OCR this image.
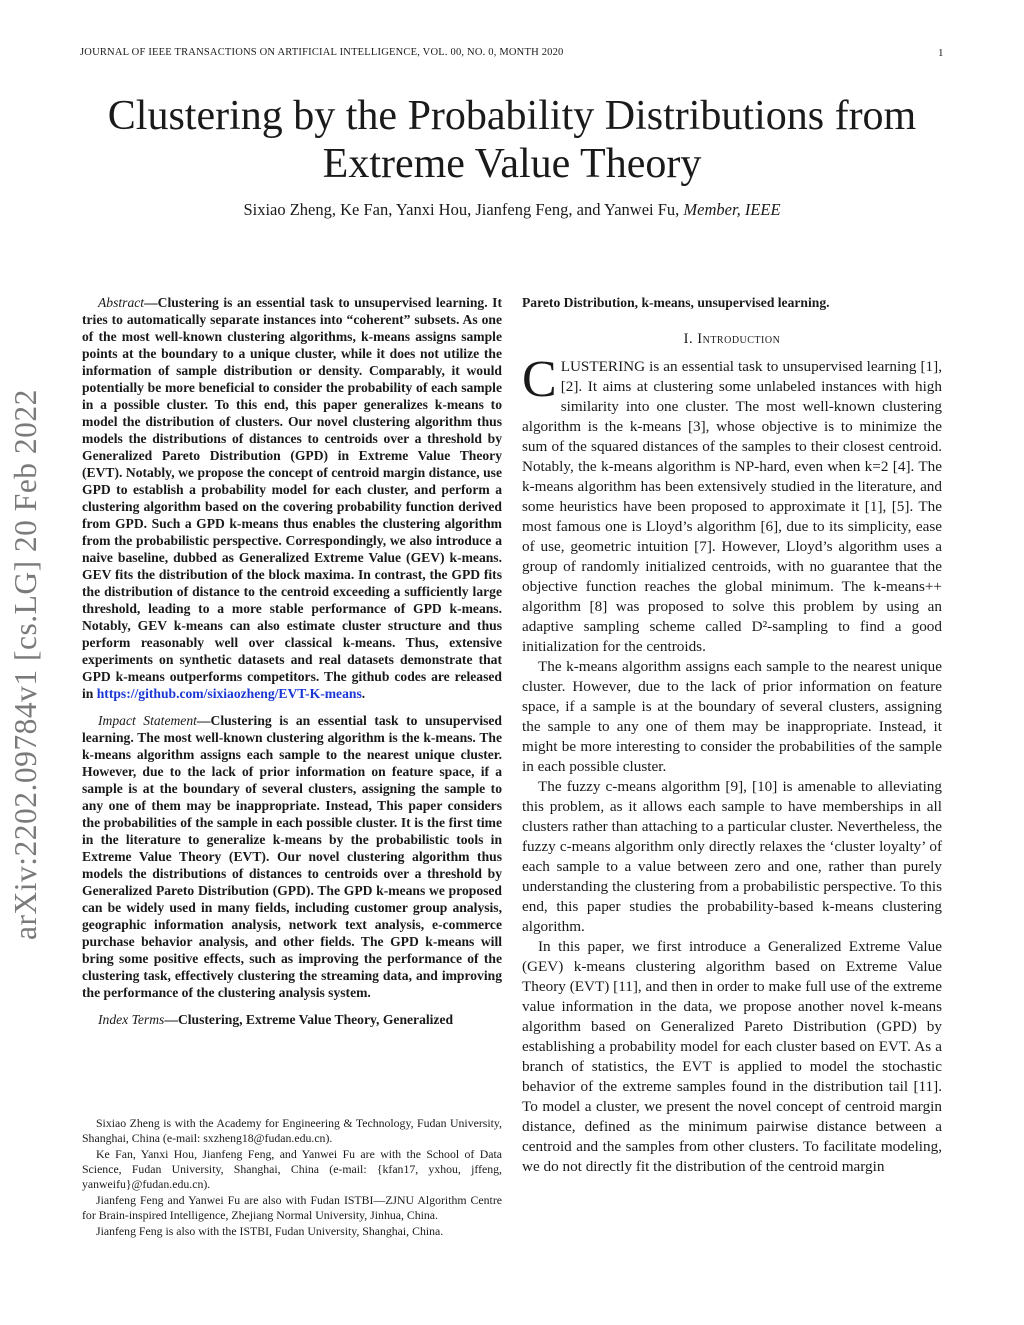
JOURNAL OF IEEE TRANSACTIONS ON ARTIFICIAL INTELLIGENCE, VOL. 00, NO. 0, MONTH 2020	1
Clustering by the Probability Distributions from Extreme Value Theory
Sixiao Zheng, Ke Fan, Yanxi Hou, Jianfeng Feng, and Yanwei Fu, Member, IEEE
arXiv:2202.09784v1 [cs.LG] 20 Feb 2022

Abstract—Clustering is an essential task to unsupervised learning. It tries to automatically separate instances into “coherent” subsets. As one of the most well-known clustering algorithms, k-means assigns sample points at the boundary to a unique cluster, while it does not utilize the information of sample distribution or density. Comparably, it would potentially be more beneficial to consider the probability of each sample in a possible cluster. To this end, this paper generalizes k-means to model the distribution of clusters. Our novel clustering algorithm thus models the distributions of distances to centroids over a threshold by Generalized Pareto Distribution (GPD) in Extreme Value Theory (EVT). Notably, we propose the concept of centroid margin distance, use GPD to establish a probability model for each cluster, and perform a clustering algorithm based on the covering probability function derived from GPD. Such a GPD k-means thus enables the clustering algorithm from the probabilistic perspective. Correspondingly, we also introduce a naive baseline, dubbed as Generalized Extreme Value (GEV) k-means. GEV fits the distribution of the block maxima. In contrast, the GPD fits the distribution of distance to the centroid exceeding a sufficiently large threshold, leading to a more stable performance of GPD k-means. Notably, GEV k-means can also estimate cluster structure and thus perform reasonably well over classical k-means. Thus, extensive experiments on synthetic datasets and real datasets demonstrate that GPD k-means outperforms competitors. The github codes are released in https://github.com/sixiaozheng/EVT-K-means.

Impact Statement—Clustering is an essential task to unsupervised learning. The most well-known clustering algorithm is the k-means. The k-means algorithm assigns each sample to the nearest unique cluster. However, due to the lack of prior information on feature space, if a sample is at the boundary of several clusters, assigning the sample to any one of them may be inappropriate. Instead, This paper considers the probabilities of the sample in each possible cluster. It is the first time in the literature to generalize k-means by the probabilistic tools in Extreme Value Theory (EVT). Our novel clustering algorithm thus models the distributions of distances to centroids over a threshold by Generalized Pareto Distribution (GPD). The GPD k-means we proposed can be widely used in many fields, including customer group analysis, geographic information analysis, network text analysis, e-commerce purchase behavior analysis, and other fields. The GPD k-means will bring some positive effects, such as improving the performance of the clustering task, effectively clustering the streaming data, and improving the performance of the clustering analysis system.

Index Terms—Clustering, Extreme Value Theory, Generalized

Sixiao Zheng is with the Academy for Engineering & Technology, Fudan University, Shanghai, China (e-mail: sxzheng18@fudan.edu.cn).

Ke Fan, Yanxi Hou, Jianfeng Feng, and Yanwei Fu are with the School of Data Science, Fudan University, Shanghai, China (e-mail: {kfan17, yxhou, jffeng, yanweifu}@fudan.edu.cn).

Jianfeng Feng and Yanwei Fu are also with Fudan ISTBI—ZJNU Algorithm Centre for Brain-inspired Intelligence, Zhejiang Normal University, Jinhua, China.

Jianfeng Feng is also with the ISTBI, Fudan University, Shanghai, China.

Pareto Distribution, k-means, unsupervised learning.

I. Introduction

CLUSTERING is an essential task to unsupervised learning [1], [2]. It aims at clustering some unlabeled instances with high similarity into one cluster. The most well-known clustering algorithm is the k-means [3], whose objective is to minimize the sum of the squared distances of the samples to their closest centroid. Notably, the k-means algorithm is NP-hard, even when k=2 [4]. The k-means algorithm has been extensively studied in the literature, and some heuristics have been proposed to approximate it [1], [5]. The most famous one is Lloyd’s algorithm [6], due to its simplicity, ease of use, geometric intuition [7]. However, Lloyd’s algorithm uses a group of randomly initialized centroids, with no guarantee that the objective function reaches the global minimum. The k-means++ algorithm [8] was proposed to solve this problem by using an adaptive sampling scheme called D²-sampling to find a good initialization for the centroids.

The k-means algorithm assigns each sample to the nearest unique cluster. However, due to the lack of prior information on feature space, if a sample is at the boundary of several clusters, assigning the sample to any one of them may be inappropriate. Instead, it might be more interesting to consider the probabilities of the sample in each possible cluster.

The fuzzy c-means algorithm [9], [10] is amenable to alleviating this problem, as it allows each sample to have memberships in all clusters rather than attaching to a particular cluster. Nevertheless, the fuzzy c-means algorithm only directly relaxes the ‘cluster loyalty’ of each sample to a value between zero and one, rather than purely understanding the clustering from a probabilistic perspective. To this end, this paper studies the probability-based k-means clustering algorithm.

In this paper, we first introduce a Generalized Extreme Value (GEV) k-means clustering algorithm based on Extreme Value Theory (EVT) [11], and then in order to make full use of the extreme value information in the data, we propose another novel k-means algorithm based on Generalized Pareto Distribution (GPD) by establishing a probability model for each cluster based on EVT. As a branch of statistics, the EVT is applied to model the stochastic behavior of the extreme samples found in the distribution tail [11]. To model a cluster, we present the novel concept of centroid margin distance, defined as the minimum pairwise distance between a centroid and the samples from other clusters. To facilitate modeling, we do not directly fit the distribution of the centroid margin
